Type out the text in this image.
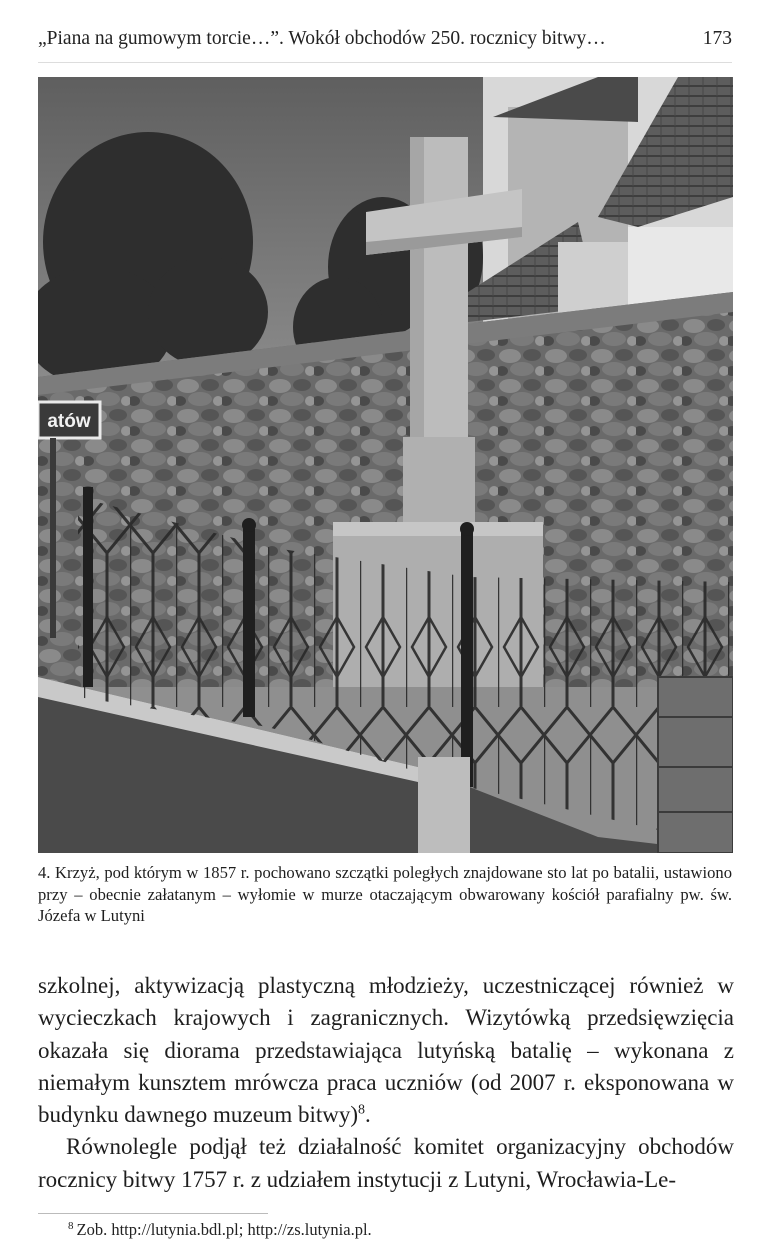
„Piana na gumowym torcie…”. Wokół obchodów 250. rocznicy bitwy…	173
atów

4. Krzyż, pod którym w 1857 r. pochowano szczątki poległych znajdowane sto lat po batalii, ustawiono przy – obecnie załatanym – wyłomie w murze otaczającym obwarowany kościół parafialny pw. św. Józefa w Lutyni

szkolnej, aktywizacją plastyczną młodzieży, uczestniczącej również w wycieczkach krajowych i zagranicznych. Wizytówką przedsięwzięcia okazała się diorama przedstawiająca lutyńską batalię – wykonana z niemałym kunsztem mrówcza praca uczniów (od 2007 r. eksponowana w budynku dawnego muzeum bitwy)$^8$.

Równolegle podjął też działalność komitet organizacyjny obchodów rocznicy bitwy 1757 r. z udziałem instytucji z Lutyni, Wrocławia-Le-

$^8$ Zob. http://lutynia.bdl.pl; http://zs.lutynia.pl.
